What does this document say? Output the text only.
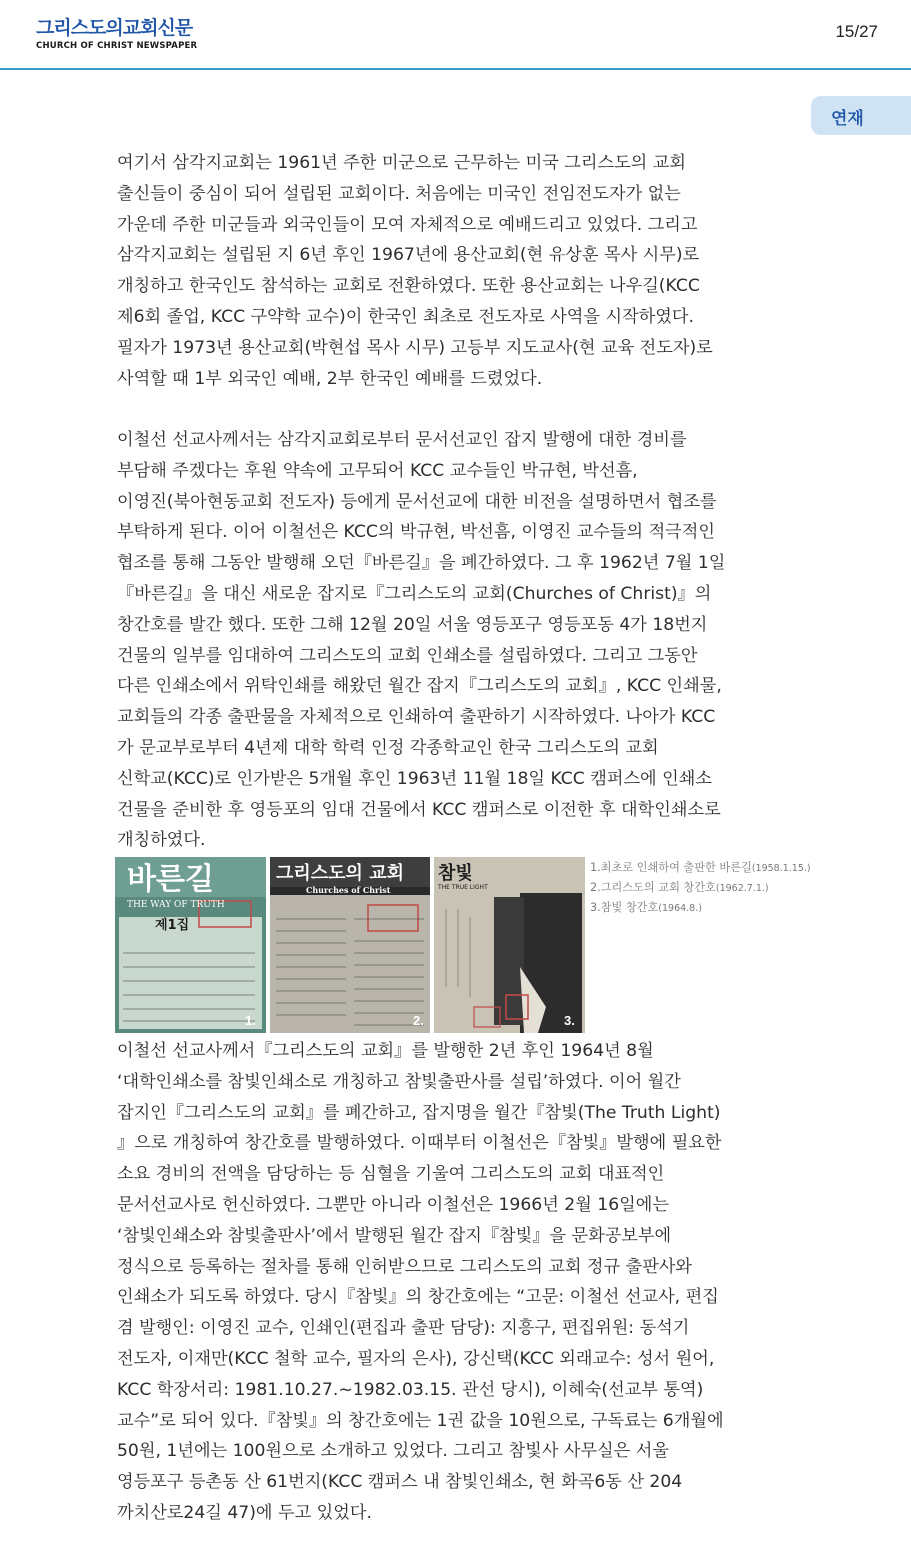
그리스도의교회신문
CHURCH OF CHRIST NEWSPAPER
15/27
연재
여기서 삼각지교회는 1961년 주한 미군으로 근무하는 미국 그리스도의 교회
출신들이 중심이 되어 설립된 교회이다. 처음에는 미국인 전임전도자가 없는
가운데 주한 미군들과 외국인들이 모여 자체적으로 예배드리고 있었다. 그리고
삼각지교회는 설립된 지 6년 후인 1967년에 용산교회(현 유상훈 목사 시무)로
개칭하고 한국인도 참석하는 교회로 전환하였다. 또한 용산교회는 나우길(KCC
제6회 졸업, KCC 구약학 교수)이 한국인 최초로 전도자로 사역을 시작하였다.
필자가 1973년 용산교회(박현섭 목사 시무) 고등부 지도교사(현 교육 전도자)로
사역할 때 1부 외국인 예배, 2부 한국인 예배를 드렸었다.
이철선 선교사께서는 삼각지교회로부터 문서선교인 잡지 발행에 대한 경비를
부담해 주겠다는 후원 약속에 고무되어 KCC 교수들인 박규현, 박선흠,
이영진(북아현동교회 전도자) 등에게 문서선교에 대한 비전을 설명하면서 협조를
부탁하게 된다. 이어 이철선은 KCC의 박규현, 박선흠, 이영진 교수들의 적극적인
협조를 통해 그동안 발행해 오던『바른길』을 폐간하였다. 그 후 1962년 7월 1일
『바른길』을 대신 새로운 잡지로『그리스도의 교회(Churches of Christ)』의
창간호를 발간 했다. 또한 그해 12월 20일 서울 영등포구 영등포동 4가 18번지
건물의 일부를 임대하여 그리스도의 교회 인쇄소를 설립하였다. 그리고 그동안
다른 인쇄소에서 위탁인쇄를 해왔던 월간 잡지『그리스도의 교회』, KCC 인쇄물,
교회들의 각종 출판물을 자체적으로 인쇄하여 출판하기 시작하였다. 나아가 KCC
가 문교부로부터 4년제 대학 학력 인정 각종학교인 한국 그리스도의 교회
신학교(KCC)로 인가받은 5개월 후인 1963년 11월 18일 KCC 캠퍼스에 인쇄소
건물을 준비한 후 영등포의 임대 건물에서 KCC 캠퍼스로 이전한 후 대학인쇄소로
개칭하였다.
바른길
THE WAY OF TRUTH
제1집
1.
그리스도의 교회
Churches of Christ
2.
참빛
THE TRUE LIGHT
3.
1.최초로 인쇄하여 출판한 바른길(1958.1.15.)
2.그리스도의 교회 창간호(1962.7.1.)
3.참빛 창간호(1964.8.)
이철선 선교사께서『그리스도의 교회』를 발행한 2년 후인 1964년 8월
‘대학인쇄소를 참빛인쇄소로 개칭하고 참빛출판사를 설립’하였다. 이어 월간
잡지인『그리스도의 교회』를 폐간하고, 잡지명을 월간『참빛(The Truth Light)
』으로 개칭하여 창간호를 발행하였다. 이때부터 이철선은『참빛』발행에 필요한
소요 경비의 전액을 담당하는 등 심혈을 기울여 그리스도의 교회 대표적인
문서선교사로 헌신하였다. 그뿐만 아니라 이철선은 1966년 2월 16일에는
‘참빛인쇄소와 참빛출판사’에서 발행된 월간 잡지『참빛』을 문화공보부에
정식으로 등록하는 절차를 통해 인허받으므로 그리스도의 교회 정규 출판사와
인쇄소가 되도록 하였다. 당시『참빛』의 창간호에는 “고문: 이철선 선교사, 편집
겸 발행인: 이영진 교수, 인쇄인(편집과 출판 담당): 지흥구, 편집위원: 동석기
전도자, 이재만(KCC 철학 교수, 필자의 은사), 강신택(KCC 외래교수: 성서 원어,
KCC 학장서리: 1981.10.27.~1982.03.15. 관선 당시), 이혜숙(선교부 통역)
교수”로 되어 있다.『참빛』의 창간호에는 1권 값을 10원으로, 구독료는 6개월에
50원, 1년에는 100원으로 소개하고 있었다. 그리고 참빛사 사무실은 서울
영등포구 등촌동 산 61번지(KCC 캠퍼스 내 참빛인쇄소, 현 화곡6동 산 204
까치산로24길 47)에 두고 있었다.
